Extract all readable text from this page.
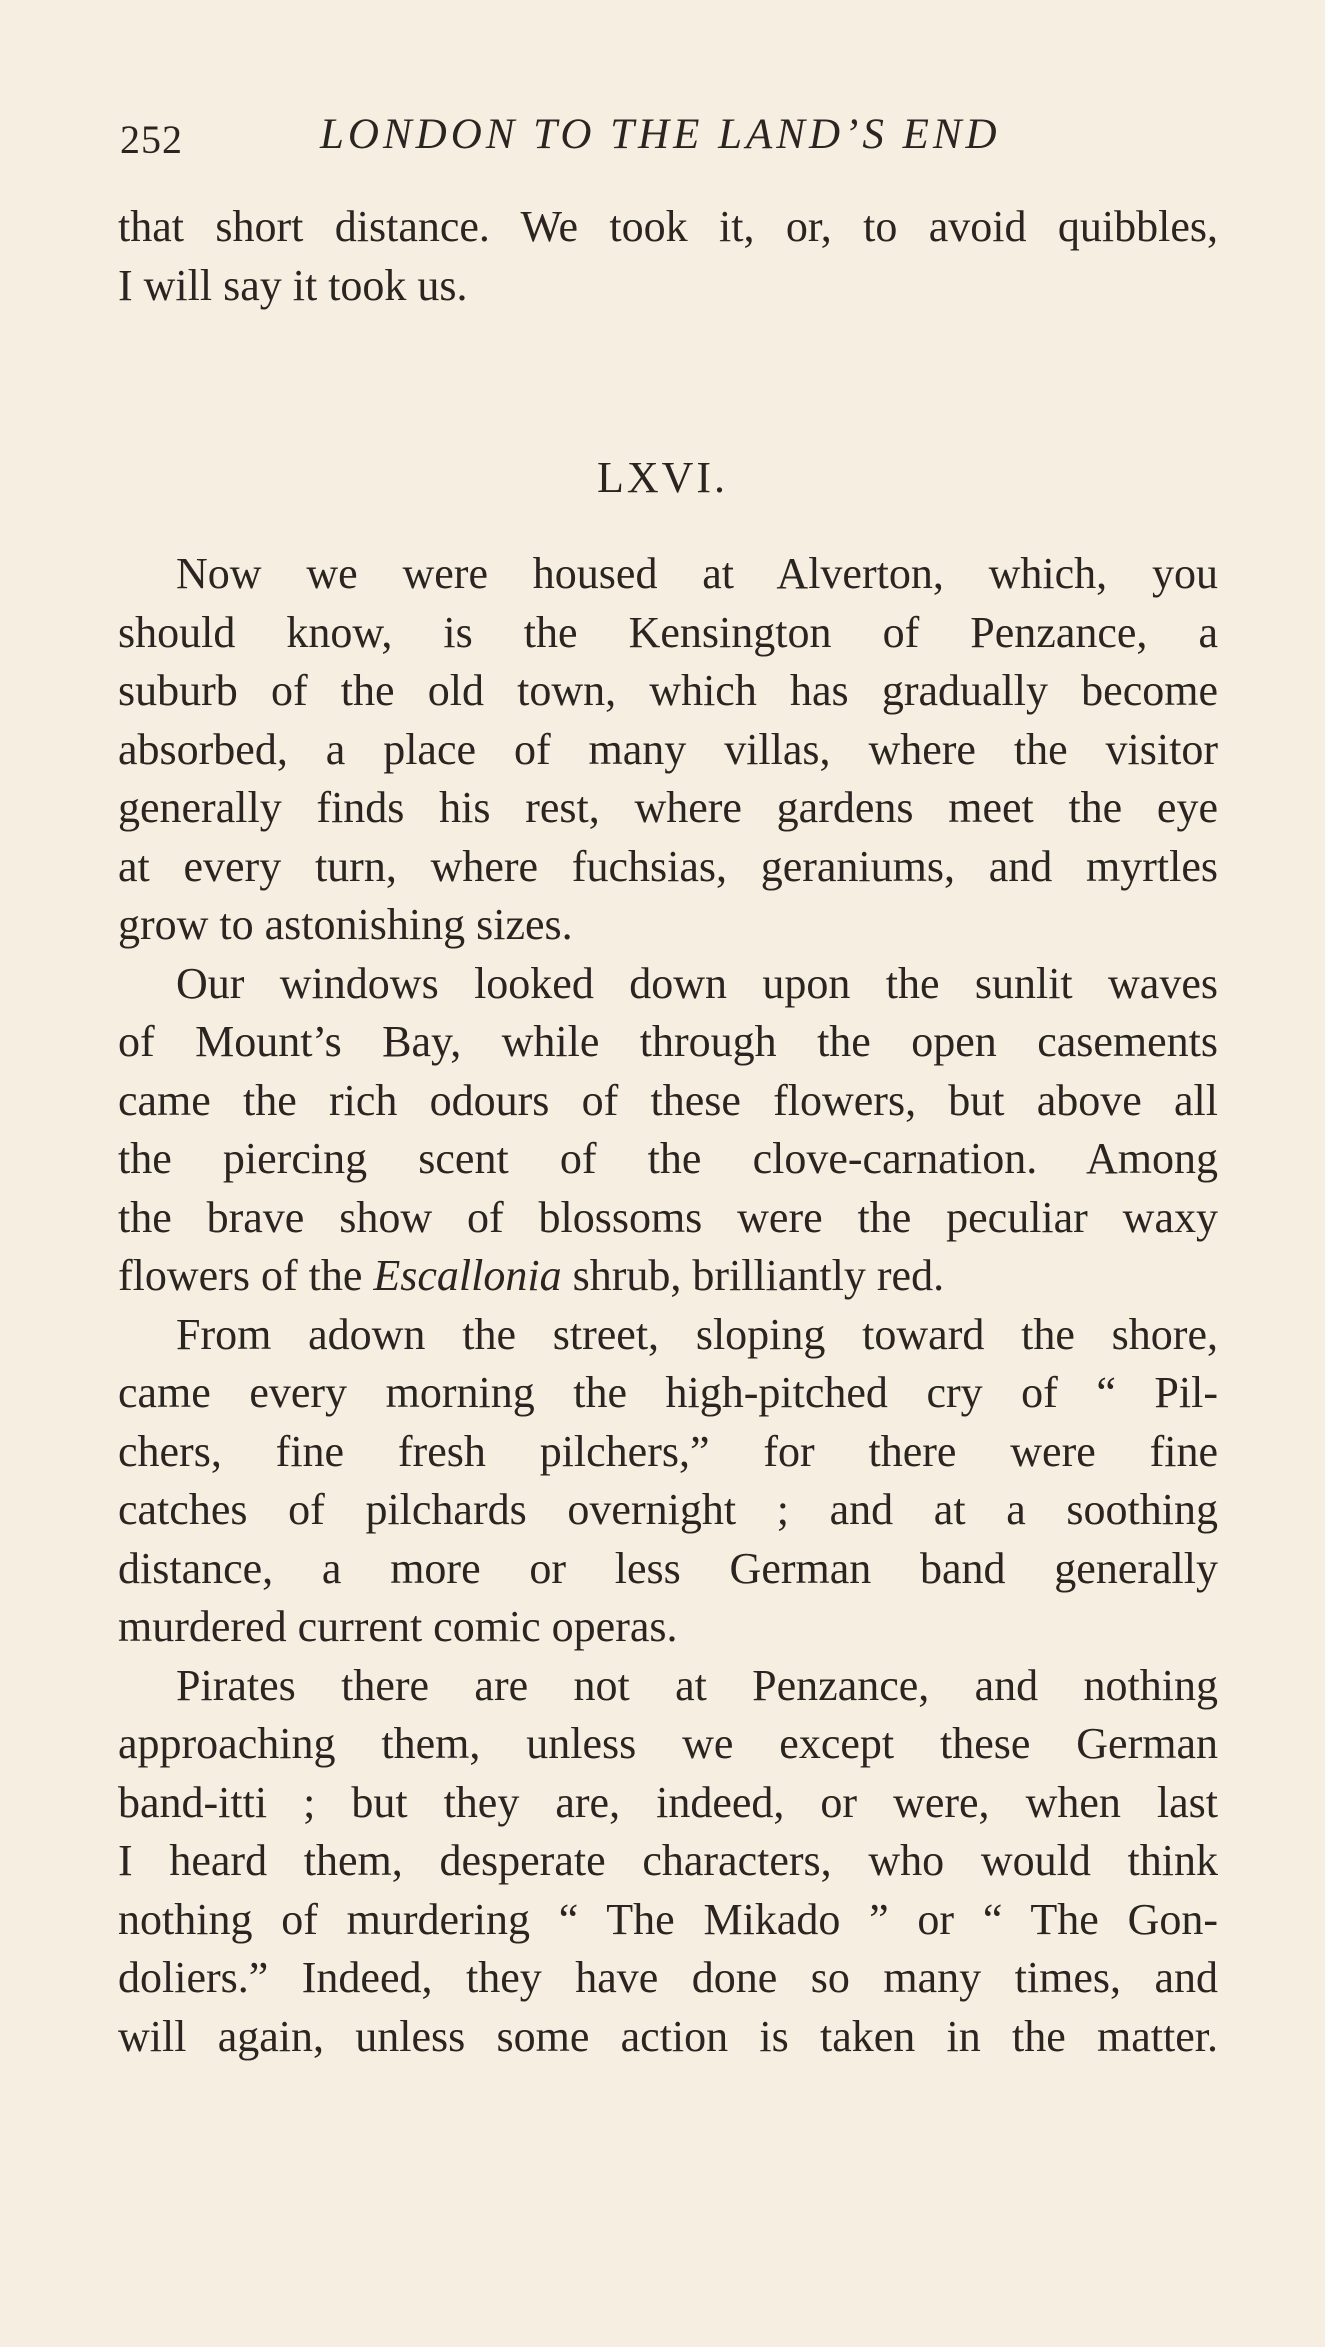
252	LONDON TO THE LAND’S END
that short distance. We took it, or, to avoid quibbles,
I will say it took us.
LXVI.
Now we were housed at Alverton, which, you
should know, is the Kensington of Penzance, a
suburb of the old town, which has gradually become
absorbed, a place of many villas, where the visitor
generally finds his rest, where gardens meet the eye
at every turn, where fuchsias, geraniums, and myrtles
grow to astonishing sizes.
Our windows looked down upon the sunlit waves
of Mount’s Bay, while through the open casements
came the rich odours of these flowers, but above all
the piercing scent of the clove-carnation. Among
the brave show of blossoms were the peculiar waxy
flowers of the Escallonia shrub, brilliantly red.
From adown the street, sloping toward the shore,
came every morning the high-pitched cry of “ Pil-
chers, fine fresh pilchers,” for there were fine
catches of pilchards overnight ; and at a soothing
distance, a more or less German band generally
murdered current comic operas.
Pirates there are not at Penzance, and nothing
approaching them, unless we except these German
band-itti ; but they are, indeed, or were, when last
I heard them, desperate characters, who would think
nothing of murdering “ The Mikado ” or “ The Gon-
doliers.” Indeed, they have done so many times, and
will again, unless some action is taken in the matter.
